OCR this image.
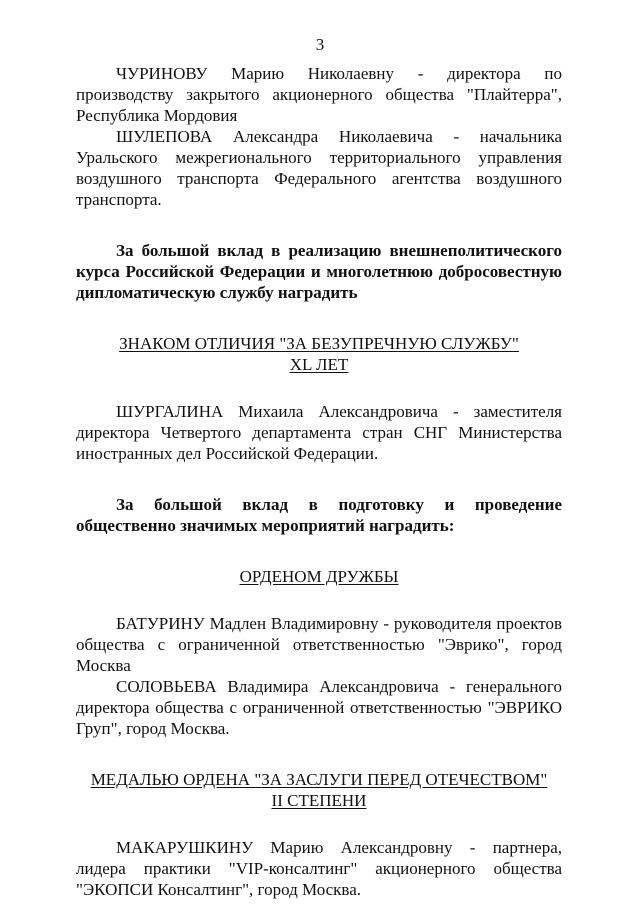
3

ЧУРИНОВУ Марию Николаевну - директора по производству закрытого акционерного общества "Плайтерра", Республика Мордовия

ШУЛЕПОВА Александра Николаевича - начальника Уральского межрегионального территориального управления воздушного транспорта Федерального агентства воздушного транспорта.

За большой вклад в реализацию внешнеполитического курса Российской Федерации и многолетнюю добросовестную дипломатическую службу наградить

ЗНАКОМ ОТЛИЧИЯ "ЗА БЕЗУПРЕЧНУЮ СЛУЖБУ"
XL ЛЕТ

ШУРГАЛИНА Михаила Александровича - заместителя директора Четвертого департамента стран СНГ Министерства иностранных дел Российской Федерации.

За большой вклад в подготовку и проведение общественно значимых мероприятий наградить:

ОРДЕНОМ ДРУЖБЫ

БАТУРИНУ Мадлен Владимировну - руководителя проектов общества с ограниченной ответственностью "Эврико", город Москва

СОЛОВЬЕВА Владимира Александровича - генерального директора общества с ограниченной ответственностью "ЭВРИКО Груп", город Москва.

МЕДАЛЬЮ ОРДЕНА "ЗА ЗАСЛУГИ ПЕРЕД ОТЕЧЕСТВОМ"
II СТЕПЕНИ

МАКАРУШКИНУ Марию Александровну - партнера, лидера практики "VIP-консалтинг" акционерного общества "ЭКОПСИ Консалтинг", город Москва.
